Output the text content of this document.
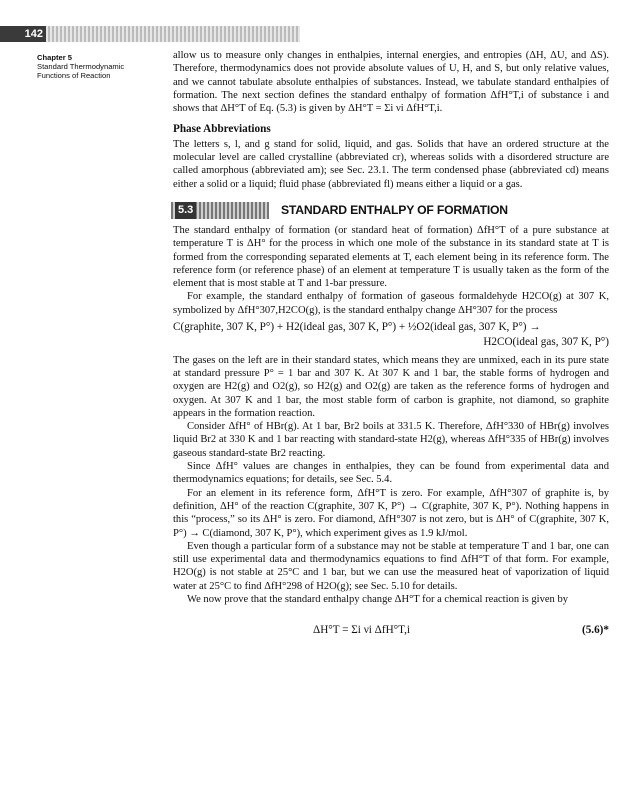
142
Chapter 5
Standard Thermodynamic
Functions of Reaction

allow us to measure only changes in enthalpies, internal energies, and entropies (ΔH, ΔU, and ΔS). Therefore, thermodynamics does not provide absolute values of U, H, and S, but only relative values, and we cannot tabulate absolute enthalpies of substances. Instead, we tabulate standard enthalpies of formation. The next section defines the standard enthalpy of formation ΔfH°T,i of substance i and shows that ΔH°T of Eq. (5.3) is given by ΔH°T = Σi νi ΔfH°T,i.

Phase Abbreviations

The letters s, l, and g stand for solid, liquid, and gas. Solids that have an ordered structure at the molecular level are called crystalline (abbreviated cr), whereas solids with a disordered structure are called amorphous (abbreviated am); see Sec. 23.1. The term condensed phase (abbreviated cd) means either a solid or a liquid; fluid phase (abbreviated fl) means either a liquid or a gas.

5.3	STANDARD ENTHALPY OF FORMATION

The standard enthalpy of formation (or standard heat of formation) ΔfH°T of a pure substance at temperature T is ΔH° for the process in which one mole of the substance in its standard state at T is formed from the corresponding separated elements at T, each element being in its reference form. The reference form (or reference phase) of an element at temperature T is usually taken as the form of the element that is most stable at T and 1-bar pressure.

For example, the standard enthalpy of formation of gaseous formaldehyde H2CO(g) at 307 K, symbolized by ΔfH°307,H2CO(g), is the standard enthalpy change ΔH°307 for the process

C(graphite, 307 K, P°) + H2(ideal gas, 307 K, P°) + ½O2(ideal gas, 307 K, P°) →
H2CO(ideal gas, 307 K, P°)

The gases on the left are in their standard states, which means they are unmixed, each in its pure state at standard pressure P° = 1 bar and 307 K. At 307 K and 1 bar, the stable forms of hydrogen and oxygen are H2(g) and O2(g), so H2(g) and O2(g) are taken as the reference forms of hydrogen and oxygen. At 307 K and 1 bar, the most stable form of carbon is graphite, not diamond, so graphite appears in the formation reaction.

Consider ΔfH° of HBr(g). At 1 bar, Br2 boils at 331.5 K. Therefore, ΔfH°330 of HBr(g) involves liquid Br2 at 330 K and 1 bar reacting with standard-state H2(g), whereas ΔfH°335 of HBr(g) involves gaseous standard-state Br2 reacting.

Since ΔfH° values are changes in enthalpies, they can be found from experimental data and thermodynamics equations; for details, see Sec. 5.4.

For an element in its reference form, ΔfH°T is zero. For example, ΔfH°307 of graphite is, by definition, ΔH° of the reaction C(graphite, 307 K, P°) → C(graphite, 307 K, P°). Nothing happens in this “process,” so its ΔH° is zero. For diamond, ΔfH°307 is not zero, but is ΔH° of C(graphite, 307 K, P°) → C(diamond, 307 K, P°), which experiment gives as 1.9 kJ/mol.

Even though a particular form of a substance may not be stable at temperature T and 1 bar, one can still use experimental data and thermodynamics equations to find ΔfH°T of that form. For example, H2O(g) is not stable at 25°C and 1 bar, but we can use the measured heat of vaporization of liquid water at 25°C to find ΔfH°298 of H2O(g); see Sec. 5.10 for details.

We now prove that the standard enthalpy change ΔH°T for a chemical reaction is given by

ΔH°T = Σi νi ΔfH°T,i	(5.6)*
